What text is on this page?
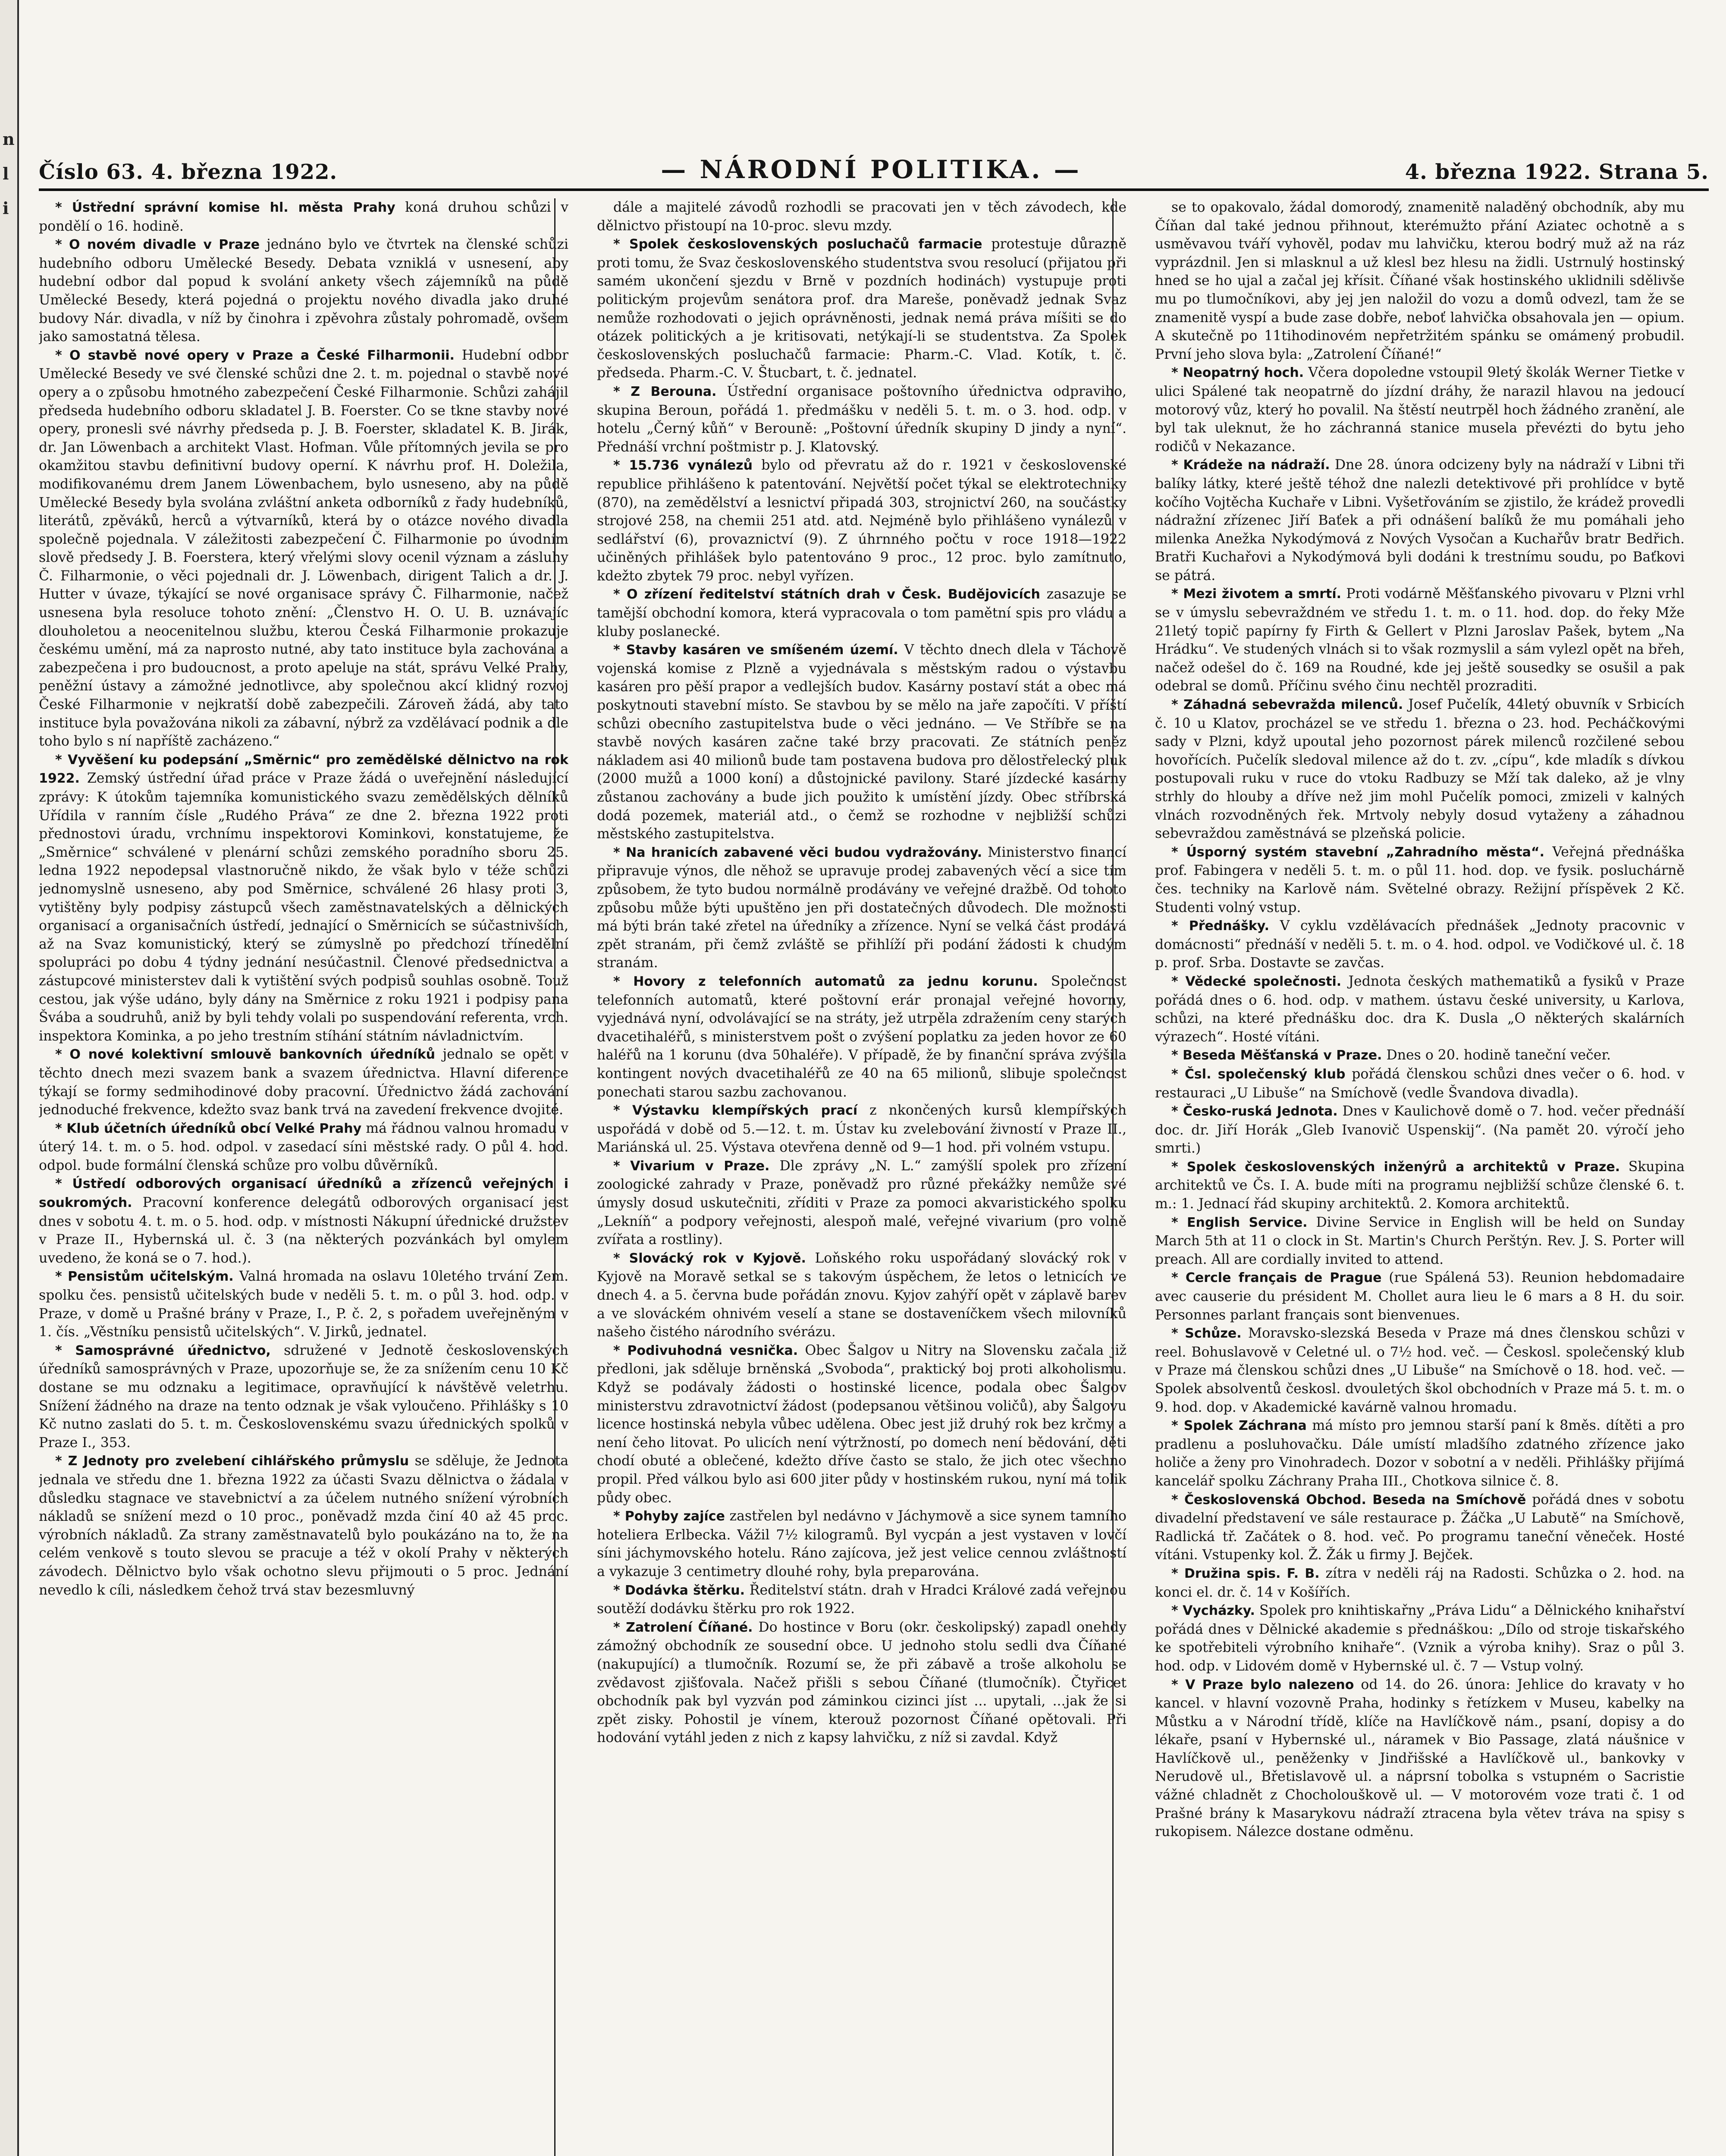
n
l
i
Číslo 63. 4. března 1922.	— NÁRODNÍ POLITIKA. —	4. března 1922. Strana 5.

* Ústřední správní komise hl. města Prahy koná druhou schůzi v pondělí o 16. hodině.

* O novém divadle v Praze jednáno bylo ve čtvrtek na členské schůzi hudebního odboru Umělecké Besedy. Debata vzniklá v usnesení, aby hudební odbor dal popud k svolání ankety všech zájemníků na půdě Umělecké Besedy, která pojedná o projektu nového divadla jako druhé budovy Nár. divadla, v níž by činohra i zpěvohra zůstaly pohromadě, ovšem jako samostatná tělesa.

* O stavbě nové opery v Praze a České Filharmonii. Hudební odbor Umělecké Besedy ve své členské schůzi dne 2. t. m. pojednal o stavbě nové opery a o způsobu hmotného zabezpečení České Filharmonie. Schůzi zahájil předseda hudebního odboru skladatel J. B. Foerster. Co se tkne stavby nové opery, pronesli své návrhy předseda p. J. B. Foerster, skladatel K. B. Jirák, dr. Jan Löwenbach a architekt Vlast. Hofman. Vůle přítomných jevila se pro okamžitou stavbu definitivní budovy operní. K návrhu prof. H. Doležila, modifikovanému drem Janem Löwenbachem, bylo usneseno, aby na půdě Umělecké Besedy byla svolána zvláštní anketa odborníků z řady hudebníků, literátů, zpěváků, herců a výtvarníků, která by o otázce nového divadla společně pojednala. V záležitosti zabezpečení Č. Filharmonie po úvodním slově předsedy J. B. Foerstera, který vřelými slovy ocenil význam a zásluhy Č. Filharmonie, o věci pojednali dr. J. Löwenbach, dirigent Talich a dr. J. Hutter v úvaze, týkající se nové organisace správy Č. Filharmonie, načež usnesena byla resoluce tohoto znění: „Členstvo H. O. U. B. uznávajíc dlouholetou a neocenitelnou službu, kterou Česká Filharmonie prokazuje českému umění, má za naprosto nutné, aby tato instituce byla zachována a zabezpečena i pro budoucnost, a proto apeluje na stát, správu Velké Prahy, peněžní ústavy a zámožné jednotlivce, aby společnou akcí klidný rozvoj České Filharmonie v nejkratší době zabezpečili. Zároveň žádá, aby tato instituce byla považována nikoli za zábavní, nýbrž za vzdělávací podnik a dle toho bylo s ní napříště zacházeno.“

* Vyvěšení ku podepsání „Směrnic“ pro zemědělské dělnictvo na rok 1922. Zemský ústřední úřad práce v Praze žádá o uveřejnění následující zprávy: K útokům tajemníka komunistického svazu zemědělských dělníků Uřídila v ranním čísle „Rudého Práva“ ze dne 2. března 1922 proti přednostovi úradu, vrchnímu inspektorovi Kominkovi, konstatujeme, že „Směrnice“ schválené v plenární schůzi zemského poradního sboru 25. ledna 1922 nepodepsal vlastnoručně nikdo, že však bylo v téže schůzi jednomyslně usneseno, aby pod Směrnice, schválené 26 hlasy proti 3, vytištěny byly podpisy zástupců všech zaměstnavatelských a dělnických organisací a organisačních ústředí, jednající o Směrnicích se súčastnivších, až na Svaz komunistický, který se zúmyslně po předchozí třínedělní spolupráci po dobu 4 týdny jednání nesúčastnil. Členové předsednictva a zástupcové ministerstev dali k vytištění svých podpisů souhlas osobně. Touž cestou, jak výše udáno, byly dány na Směrnice z roku 1921 i podpisy pana Švába a soudruhů, aniž by byli tehdy volali po suspendování referenta, vrch. inspektora Kominka, a po jeho trestním stíhání státním návladnictvím.

* O nové kolektivní smlouvě bankovních úředníků jednalo se opět v těchto dnech mezi svazem bank a svazem úřednictva. Hlavní diference týkají se formy sedmihodinové doby pracovní. Úřednictvo žádá zachování jednoduché frekvence, kdežto svaz bank trvá na zavedení frekvence dvojité.

* Klub účetních úředníků obcí Velké Prahy má řádnou valnou hromadu v úterý 14. t. m. o 5. hod. odpol. v zasedací síni městské rady. O půl 4. hod. odpol. bude formální členská schůze pro volbu důvěrníků.

* Ústředí odborových organisací úředníků a zřízenců veřejných i soukromých. Pracovní konference delegátů odborových organisací jest dnes v sobotu 4. t. m. o 5. hod. odp. v místnosti Nákupní úřednické družstev v Praze II., Hybernská ul. č. 3 (na některých pozvánkách byl omylem uvedeno, že koná se o 7. hod.).

* Pensistům učitelským. Valná hromada na oslavu 10letého trvání Zem. spolku čes. pensistů učitelských bude v neděli 5. t. m. o půl 3. hod. odp. v Praze, v domě u Prašné brány v Praze, I., P. č. 2, s pořadem uveřejněným v 1. čís. „Věstníku pensistů učitelských“. V. Jirků, jednatel.

* Samosprávné úřednictvo, sdružené v Jednotě československých úředníků samosprávných v Praze, upozorňuje se, že za snížením cenu 10 Kč dostane se mu odznaku a legitimace, opravňující k návštěvě veletrhu. Snížení žádného na draze na tento odznak je však vyloučeno. Přihlášky s 10 Kč nutno zaslati do 5. t. m. Československému svazu úřednických spolků v Praze I., 353.

* Z Jednoty pro zvelebení cihlářského průmyslu se sděluje, že Jednota jednala ve středu dne 1. března 1922 za účasti Svazu dělnictva o žádala v důsledku stagnace ve stavebnictví a za účelem nutného snížení výrobních nákladů se snížení mezd o 10 proc., poněvadž mzda činí 40 až 45 proc. výrobních nákladů. Za strany zaměstnavatelů bylo poukázáno na to, že na celém venkově s touto slevou se pracuje a též v okolí Prahy v některých závodech. Dělnictvo bylo však ochotno slevu přijmouti o 5 proc. Jednání nevedlo k cíli, následkem čehož trvá stav bezesmluvný

dále a majitelé závodů rozhodli se pracovati jen v těch závodech, kde dělnictvo přistoupí na 10-proc. slevu mzdy.

* Spolek československých posluchačů farmacie protestuje důrazně proti tomu, že Svaz československého studentstva svou resolucí (přijatou při samém ukončení sjezdu v Brně v pozdních hodinách) vystupuje proti politickým projevům senátora prof. dra Mareše, poněvadž jednak Svaz nemůže rozhodovati o jejich oprávněnosti, jednak nemá práva míšiti se do otázek politických a je kritisovati, netýkají-li se studentstva. Za Spolek československých posluchačů farmacie: Pharm.-C. Vlad. Kotík, t. č. předseda. Pharm.-C. V. Štucbart, t. č. jednatel.

* Z Berouna. Ústřední organisace poštovního úřednictva odpraviho, skupina Beroun, pořádá 1. předmášku v neděli 5. t. m. o 3. hod. odp. v hotelu „Černý kůň“ v Berouně: „Poštovní úředník skupiny D jindy a nyní“. Přednáší vrchní poštmistr p. J. Klatovský.

* 15.736 vynálezů bylo od převratu až do r. 1921 v československé republice přihlášeno k patentování. Největší počet týkal se elektrotechniky (870), na zemědělství a lesnictví připadá 303, strojnictví 260, na součástky strojové 258, na chemii 251 atd. atd. Nejméně bylo přihlášeno vynálezů v sedlářství (6), provaznictví (9). Z úhrnného počtu v roce 1918—1922 učiněných přihlášek bylo patentováno 9 proc., 12 proc. bylo zamítnuto, kdežto zbytek 79 proc. nebyl vyřízen.

* O zřízení ředitelství státních drah v Česk. Budějovicích zasazuje se tamější obchodní komora, která vypracovala o tom pamětní spis pro vládu a kluby poslanecké.

* Stavby kasáren ve smíšeném území. V těchto dnech dlela v Táchově vojenská komise z Plzně a vyjednávala s městským radou o výstavbu kasáren pro pěší prapor a vedlejších budov. Kasárny postaví stát a obec má poskytnouti stavební místo. Se stavbou by se mělo na jaře započíti. V příští schůzi obecního zastupitelstva bude o věci jednáno. — Ve Stříbře se na stavbě nových kasáren začne také brzy pracovati. Ze státních peněz nákladem asi 40 milionů bude tam postavena budova pro dělostřelecký pluk (2000 mužů a 1000 koní) a důstojnické pavilony. Staré jízdecké kasárny zůstanou zachovány a bude jich použito k umístění jízdy. Obec stříbrská dodá pozemek, materiál atd., o čemž se rozhodne v nejbližší schůzi městského zastupitelstva.

* Na hranicích zabavené věci budou vydražovány. Ministerstvo financí připravuje výnos, dle něhož se upravuje prodej zabavených věcí a sice tím způsobem, že tyto budou normálně prodávány ve veřejné dražbě. Od tohoto způsobu může býti upuštěno jen při dostatečných důvodech. Dle možnosti má býti brán také zřetel na úředníky a zřízence. Nyní se velká část prodává zpět stranám, při čemž zvláště se přihlíží při podání žádosti k chudým stranám.

* Hovory z telefonních automatů za jednu korunu. Společnost telefonních automatů, které poštovní erár pronajal veřejné hovorny, vyjednává nyní, odvolávající se na stráty, jež utrpěla zdražením ceny starých dvacetihaléřů, s ministerstvem pošt o zvýšení poplatku za jeden hovor ze 60 haléřů na 1 korunu (dva 50haléře). V případě, že by finanční správa zvýšila kontingent nových dvacetihaléřů ze 40 na 65 milionů, slibuje společnost ponechati starou sazbu zachovanou.

* Výstavku klempířských prací z nkončených kursů klempířských uspořádá v době od 5.—12. t. m. Ústav ku zvelebování živností v Praze II., Mariánská ul. 25. Výstava otevřena denně od 9—1 hod. při volném vstupu.

* Vivarium v Praze. Dle zprávy „N. L.“ zamýšlí spolek pro zřízení zoologické zahrady v Praze, poněvadž pro různé překážky nemůže své úmysly dosud uskutečniti, zříditi v Praze za pomoci akvaristického spolku „Lekníň“ a podpory veřejnosti, alespoň malé, veřejné vivarium (pro volně zvířata a rostliny).

* Slovácký rok v Kyjově. Loňského roku uspořádaný slovácký rok v Kyjově na Moravě setkal se s takovým úspěchem, že letos o letnicích ve dnech 4. a 5. června bude pořádán znovu. Kyjov zahýří opět v záplavě barev a ve slováckém ohnivém veselí a stane se dostaveníčkem všech milovníků našeho čistého národního svérázu.

* Podivuhodná vesnička. Obec Šalgov u Nitry na Slovensku začala již předloni, jak sděluje brněnská „Svoboda“, praktický boj proti alkoholismu. Když se podávaly žádosti o hostinské licence, podala obec Šalgov ministerstvu zdravotnictví žádost (podepsanou většinou voličů), aby Šalgovu licence hostinská nebyla vůbec udělena. Obec jest již druhý rok bez krčmy a není čeho litovat. Po ulicích není výtržností, po domech není bědování, děti chodí obuté a oblečené, kdežto dříve často se stalo, že jich otec všechno propil. Před válkou bylo asi 600 jiter půdy v hostinském rukou, nyní má tolik půdy obec.

* Pohyby zajíce zastřelen byl nedávno v Jáchymově a sice synem tamního hoteliera Erlbecka. Vážil 7½ kilogramů. Byl vycpán a jest vystaven v lovčí síni jáchymovského hotelu. Ráno zajícova, jež jest velice cennou zvláštností a vykazuje 3 centimetry dlouhé rohy, byla preparována.

* Dodávka štěrku. Ředitelství státn. drah v Hradci Králové zadá veřejnou soutěží dodávku štěrku pro rok 1922.

* Zatrolení Číňané. Do hostince v Boru (okr. českolipský) zapadl onehdy zámožný obchodník ze sousední obce. U jednoho stolu sedli dva Číňané (nakupující) a tlumočník. Rozumí se, že při zábavě a troše alkoholu se zvědavost zjišťovala. Načež přišli s sebou Číňané (tlumočník). Čtyřicet obchodník pak byl vyzván pod záminkou cizinci jíst ... upytali, ...jak že si zpět zisky. Pohostil je vínem, kterouž pozornost Číňané opětovali. Při hodování vytáhl jeden z nich z kapsy lahvičku, z níž si zavdal. Když

se to opakovalo, žádal domorodý, znamenitě naladěný obchodník, aby mu Číňan dal také jednou přihnout, kterémužto přání Aziatec ochotně a s usměvavou tváří vyhověl, podav mu lahvičku, kterou bodrý muž až na ráz vyprázdnil. Jen si mlasknul a už klesl bez hlesu na židli. Ustrnulý hostinský hned se ho ujal a začal jej křísit. Číňané však hostinského uklidnili sdělivše mu po tlumočníkovi, aby jej jen naložil do vozu a domů odvezl, tam že se znamenitě vyspí a bude zase dobře, neboť lahvička obsahovala jen — opium. A skutečně po 11tihodinovém nepřetržitém spánku se omámený probudil. První jeho slova byla: „Zatrolení Číňané!“

* Neopatrný hoch. Včera dopoledne vstoupil 9letý školák Werner Tietke v ulici Spálené tak neopatrně do jízdní dráhy, že narazil hlavou na jedoucí motorový vůz, který ho povalil. Na štěstí neutrpěl hoch žádného zranění, ale byl tak uleknut, že ho záchranná stanice musela převézti do bytu jeho rodičů v Nekazance.

* Krádeže na nádraží. Dne 28. února odcizeny byly na nádraží v Libni tři balíky látky, které ještě téhož dne nalezli detektivové při prohlídce v bytě kočího Vojtěcha Kuchaře v Libni. Vyšetřováním se zjistilo, že krádež provedli nádražní zřízenec Jiří Baťek a při odnášení balíků že mu pomáhali jeho milenka Anežka Nykodýmová z Nových Vysočan a Kuchařův bratr Bedřich. Bratři Kuchařovi a Nykodýmová byli dodáni k trestnímu soudu, po Baťkovi se pátrá.

* Mezi životem a smrtí. Proti vodárně Měšťanského pivovaru v Plzni vrhl se v úmyslu sebevraždném ve středu 1. t. m. o 11. hod. dop. do řeky Mže 21letý topič papírny fy Firth & Gellert v Plzni Jaroslav Pašek, bytem „Na Hrádku“. Ve studených vlnách si to však rozmyslil a sám vylezl opět na břeh, načež odešel do č. 169 na Roudné, kde jej ještě sousedky se osušil a pak odebral se domů. Příčinu svého činu nechtěl prozraditi.

* Záhadná sebevražda milenců. Josef Pučelík, 44letý obuvník v Srbicích č. 10 u Klatov, procházel se ve středu 1. března o 23. hod. Pecháčkovými sady v Plzni, když upoutal jeho pozornost párek milenců rozčilené sebou hovořících. Pučelík sledoval milence až do t. zv. „cípu“, kde mladík s dívkou postupovali ruku v ruce do vtoku Radbuzy se Mží tak daleko, až je vlny strhly do hlouby a dříve než jim mohl Pučelík pomoci, zmizeli v kalných vlnách rozvodněných řek. Mrtvoly nebyly dosud vytaženy a záhadnou sebevraždou zaměstnává se plzeňská policie.

* Úsporný systém stavební „Zahradního města“. Veřejná přednáška prof. Fabingera v neděli 5. t. m. o půl 11. hod. dop. ve fysik. posluchárně čes. techniky na Karlově nám. Světelné obrazy. Režijní příspěvek 2 Kč. Studenti volný vstup.

* Přednášky. V cyklu vzdělávacích přednášek „Jednoty pracovnic v domácnosti“ přednáší v neděli 5. t. m. o 4. hod. odpol. ve Vodičkové ul. č. 18 p. prof. Srba. Dostavte se zavčas.

* Vědecké společnosti. Jednota českých mathematiků a fysiků v Praze pořádá dnes o 6. hod. odp. v mathem. ústavu české university, u Karlova, schůzi, na které přednášku doc. dra K. Dusla „O některých skalárních výrazech“. Hosté vítáni.

* Beseda Měšťanská v Praze. Dnes o 20. hodině taneční večer.

* Čsl. společenský klub pořádá členskou schůzi dnes večer o 6. hod. v restauraci „U Libuše“ na Smíchově (vedle Švandova divadla).

* Česko-ruská Jednota. Dnes v Kaulichově domě o 7. hod. večer přednáší doc. dr. Jiří Horák „Gleb Ivanovič Uspenskij“. (Na pamět 20. výročí jeho smrti.)

* Spolek československých inženýrů a architektů v Praze. Skupina architektů ve Čs. I. A. bude míti na programu nejbližší schůze členské 6. t. m.: 1. Jednací řád skupiny architektů. 2. Komora architektů.

* English Service. Divine Service in English will be held on Sunday March 5th at 11 o clock in St. Martin's Church Perštýn. Rev. J. S. Porter will preach. All are cordially invited to attend.

* Cercle français de Prague (rue Spálená 53). Reunion hebdomadaire avec causerie du président M. Chollet aura lieu le 6 mars a 8 H. du soir. Personnes parlant français sont bienvenues.

* Schůze. Moravsko-slezská Beseda v Praze má dnes členskou schůzi v reel. Bohuslavově v Celetné ul. o 7½ hod. več. — Českosl. společenský klub v Praze má členskou schůzi dnes „U Libuše“ na Smíchově o 18. hod. več. — Spolek absolventů českosl. dvouletých škol obchodních v Praze má 5. t. m. o 9. hod. dop. v Akademické kavárně valnou hromadu.

* Spolek Záchrana má místo pro jemnou starší paní k 8měs. dítěti a pro pradlenu a posluhovačku. Dále umístí mladšího zdatného zřízence jako holiče a ženy pro Vinohradech. Dozor v sobotní a v neděli. Přihlášky přijímá kancelář spolku Záchrany Praha III., Chotkova silnice č. 8.

* Československá Obchod. Beseda na Smíchově pořádá dnes v sobotu divadelní představení ve sále restaurace p. Žáčka „U Labutě“ na Smíchově, Radlická tř. Začátek o 8. hod. več. Po programu taneční věneček. Hosté vítáni. Vstupenky kol. Ž. Žák u firmy J. Bejček.

* Družina spis. F. B. zítra v neděli ráj na Radosti. Schůzka o 2. hod. na konci el. dr. č. 14 v Košířích.

* Vycházky. Spolek pro knihtiskařny „Práva Lidu“ a Dělnického knihařství pořádá dnes v Dělnické akademie s přednáškou: „Dílo od stroje tiskařského ke spotřebiteli výrobního knihaře“. (Vznik a výroba knihy). Sraz o půl 3. hod. odp. v Lidovém domě v Hybernské ul. č. 7 — Vstup volný.

* V Praze bylo nalezeno od 14. do 26. února: Jehlice do kravaty v ho kancel. v hlavní vozovně Praha, hodinky s řetízkem v Museu, kabelky na Můstku a v Národní třídě, klíče na Havlíčkově nám., psaní, dopisy a do lékaře, psaní v Hybernské ul., náramek v Bio Passage, zlatá náušnice v Havlíčkově ul., peněženky v Jindřišské a Havlíčkově ul., bankovky v Nerudově ul., Břetislavově ul. a náprsní tobolka s vstupném o Sacristie vážné chladnět z Chocholouškově ul. — V motorovém voze trati č. 1 od Prašné brány k Masarykovu nádraží ztracena byla větev tráva na spisy s rukopisem. Nálezce dostane odměnu.
